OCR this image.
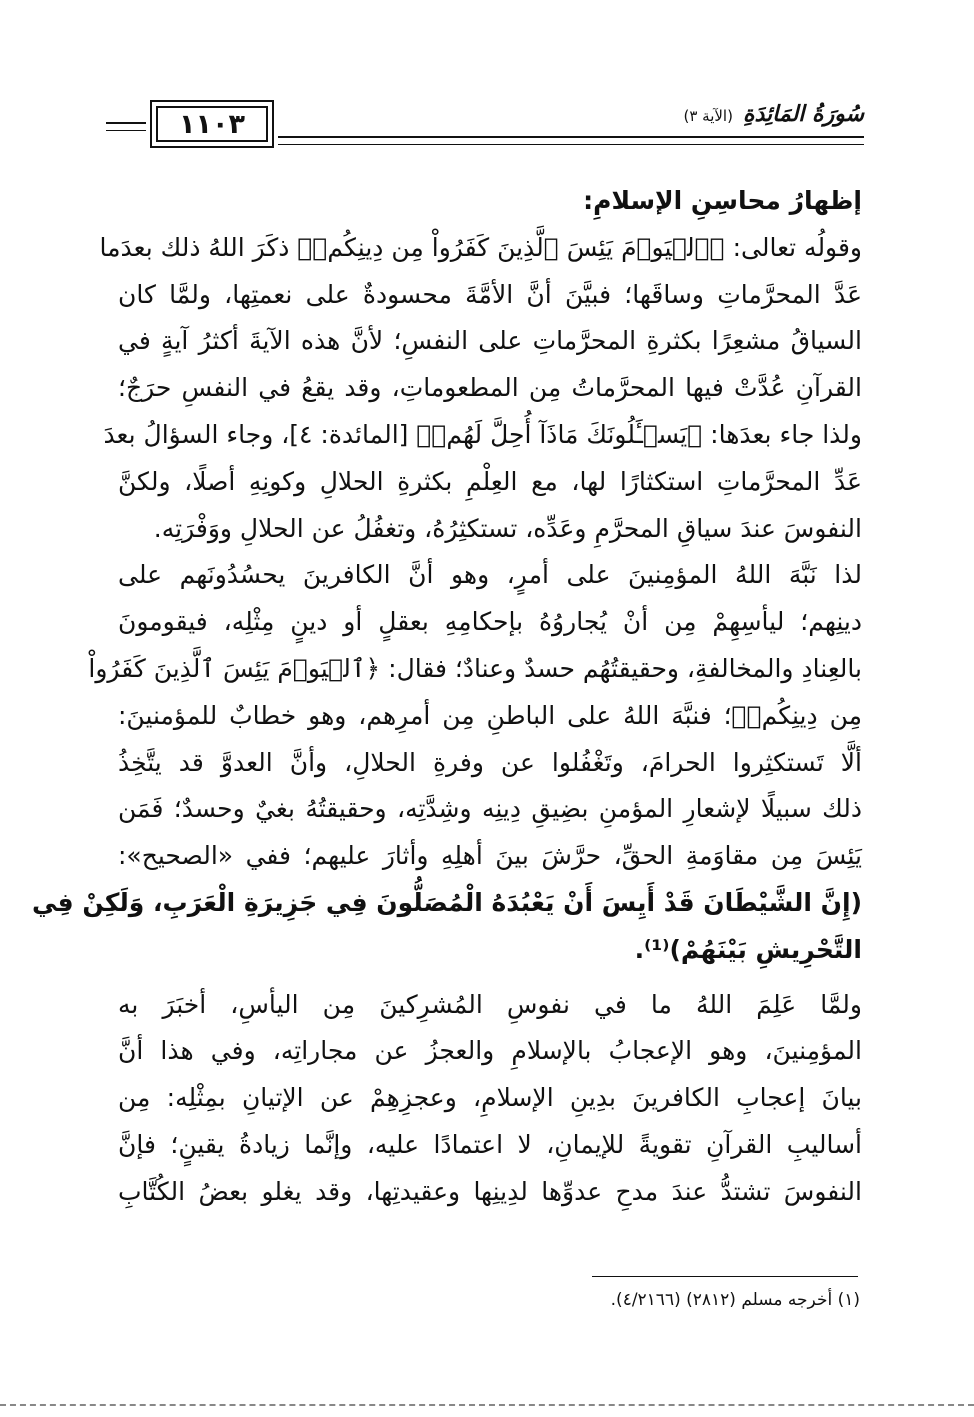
١١٠٣	سُورَةُ المَائِدَةِ
(الآية ٣)
إظهارُ محاسِنِ الإسلامِ:
وقولُه تعالى: ﴿ٱلۡيَوۡمَ يَئِسَ ٱلَّذِينَ كَفَرُواْ مِن دِينِكُمۡ﴾ ذكَرَ اللهُ ذلك بعدَما
عَدَّ المحرَّماتِ وساقَها؛ فبيَّنَ أنَّ الأمَّةَ محسودةٌ على نعمتِها، ولمَّا كان
السياقُ مشعِرًا بكثرةِ المحرَّماتِ على النفسِ؛ لأنَّ هذه الآيةَ أكثرُ آيةٍ في
القرآنِ عُدَّتْ فيها المحرَّماتُ مِن المطعوماتِ، وقد يقعُ في النفسِ حرَجٌ؛
ولذا جاء بعدَها: ﴿يَسۡـَٔلُونَكَ مَاذَآ أُحِلَّ لَهُمۡ﴾ [المائدة: ٤]، وجاء السؤالُ بعدَ
عَدِّ المحرَّماتِ استكثارًا لها، مع العِلْمِ بكثرةِ الحلالِ وكونِهِ أصلًا، ولكنَّ
النفوسَ عندَ سياقِ المحرَّمِ وعَدِّه، تستكثِرُهُ، وتغفُلُ عن الحلالِ ووَفْرَتِه.
لذا نَبَّهَ اللهُ المؤمِنينَ على أمرٍ، وهو أنَّ الكافرينَ يحسُدُونَهم على
دينِهم؛ ليأسِهِمْ مِن أنْ يُجاروُهُ بإحكامِهِ بعقلٍ أو دينٍ مِثْلِه، فيقومونَ
بالعِنادِ والمخالفةِ، وحقيقتُهُم حسدٌ وعنادٌ؛ فقال: ﴿ٱلۡيَوۡمَ يَئِسَ ٱلَّذِينَ كَفَرُواْ
مِن دِينِكُمۡ﴾؛ فنبَّهَ اللهُ على الباطنِ مِن أمرِهم، وهو خطابٌ للمؤمنينَ:
ألَّا تَستكثِروا الحرامَ، وتَغْفُلوا عن وفرةِ الحلالِ، وأنَّ العدوَّ قد يتَّخِذُ
ذلك سبيلًا لإشعارِ المؤمنِ بضِيقِ دِينِه وشِدَّتِه، وحقيقتُهُ بغيٌ وحسدٌ؛ فَمَن
يَئِسَ مِن مقاوَمةِ الحقِّ، حرَّشَ بينَ أهلِهِ وأثارَ عليهم؛ ففي «الصحيح»:
(إِنَّ الشَّيْطَانَ قَدْ أَيِسَ أَنْ يَعْبُدَهُ الْمُصَلُّونَ فِي جَزِيرَةِ الْعَرَبِ، وَلَكِنْ فِي
التَّحْرِيشِ بَيْنَهُمْ)⁽¹⁾.
ولمَّا عَلِمَ اللهُ ما في نفوسِ المُشرِكينَ مِن اليأسِ، أخبَرَ به
المؤمِنينَ، وهو الإعجابُ بالإسلامِ والعجزُ عن مجاراتِه، وفي هذا أنَّ
بيانَ إعجابِ الكافرينَ بدِينِ الإسلامِ، وعجزِهِمْ عن الإتيانِ بمِثْلِه: مِن
أساليبِ القرآنِ تقويةً للإيمانِ، لا اعتمادًا عليه، وإنَّما زيادةُ يقينٍ؛ فإنَّ
النفوسَ تشتدُّ عندَ مدحِ عدوِّها لدِينِها وعقيدتِها، وقد يغلو بعضُ الكُتَّابِ
(١) أخرجه مسلم (٢٨١٢) (٤/٢١٦٦).
